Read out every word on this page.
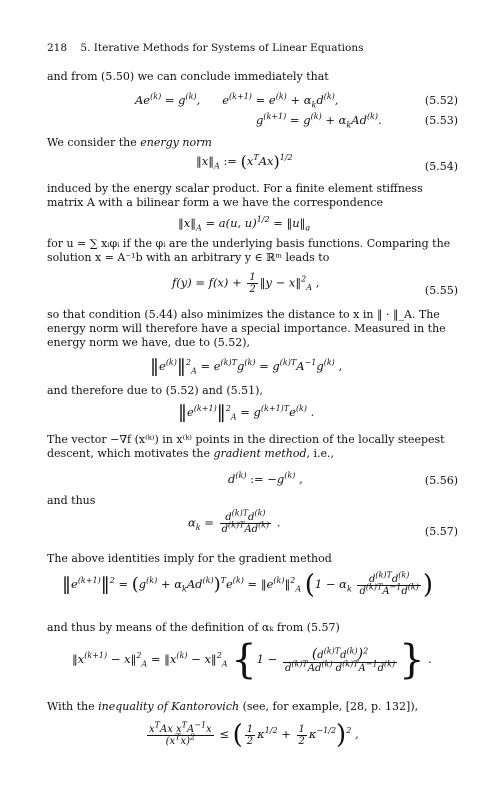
218 5. Iterative Methods for Systems of Linear Equations
and from (5.50) we can conclude immediately that
$Ae^{(k)} = g^{(k)}$,      $e^{(k+1)} = e^{(k)} + \alpha_kd^{(k)}$,	(5.52)
$g^{(k+1)} = g^{(k)} + \alpha_kAd^{(k)}$.	(5.53)
We consider the energy norm
$‖x‖_A$ := $(x^TAx)^{1/2}$
(5.54)
induced by the energy scalar product. For a finite element stiffness matrix A with a bilinear form a we have the correspondence
$‖x‖_A = a(u$, $u)^{1/2} = ‖u‖_a$
for u = ∑ xᵢφᵢ if the φᵢ are the underlying basis functions. Comparing the solution x = A⁻¹b with an arbitrary y ∈ ℝᵐ leads to
$f(y) = f(x) + \frac{1}{2}$ ‖y − x‖$^2_A$ ,
(5.55)
so that condition (5.44) also minimizes the distance to x in ‖ · ‖_A. The energy norm will therefore have a special importance. Measured in the energy norm we have, due to (5.52),
$‖e^{(k)}‖^2_A = e^{(k)T}g^{(k)} = g^{(k)T}A^{-1}g^{(k)}$ ,
and therefore due to (5.52) and (5.51),
$‖e^{(k+1)}‖^2_A = g^{(k+1)T}e^{(k)}$ .
The vector −∇f (x⁽ᵏ⁾) in x⁽ᵏ⁾ points in the direction of the locally steepest descent, which motivates the gradient method, i.e.,
$d^{(k)}$ := $-g^{(k)}$ ,	(5.56)
and thus
$\alpha_k = \frac{d^{(k)T}d^{(k)}}{d^{(k)T}Ad^{(k)}}$ .
(5.57)
The above identities imply for the gradient method
$‖e^{(k+1)}‖^2 = (g^{(k)} + \alpha_kAd^{(k)})^Te^{(k)}$ = $‖e^{(k)}‖^2_A$ ($1 - \alpha_k \frac{d^{(k)T}d^{(k)}}{d^{(k)T}A^{-1}d^{(k)}}$ )
and thus by means of the definition of αₖ from (5.57)
$‖x^{(k+1)}$ − x‖$^2_A$ = $‖x^{(k)}$ − x‖$^2_A$ {$1 - \frac{(d^{(k)T}d^{(k)})^2}{d^{(k)T}Ad^{(k)} d^{(k)T}A^{-1}d^{(k)}}$ } .
With the inequality of Kantorovich (see, for example, [28, p. 132]),
$\frac{x^TAx x^TA^{-1}x}{(x^Tx)^2}$ ≤ ( $\frac{1}{2} \kappa^{1/2} + \frac{1}{2} \kappa^{-1/2})^2$ ,
